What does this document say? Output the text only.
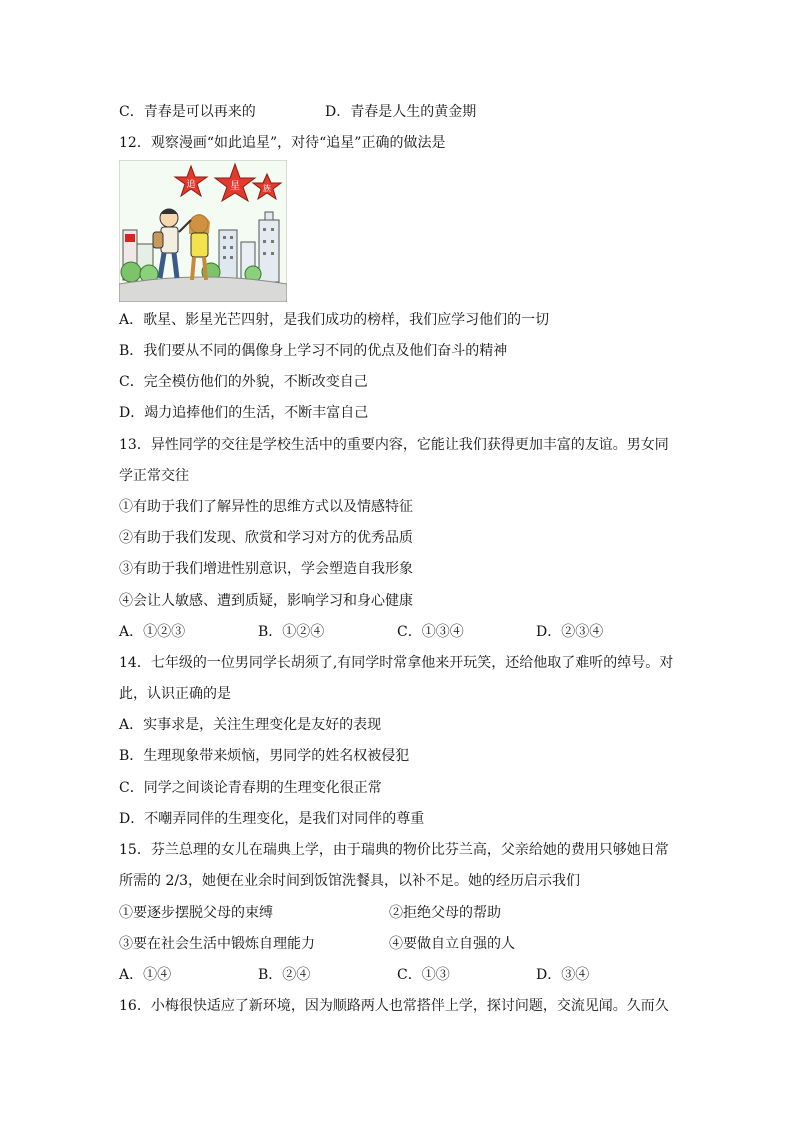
C．青春是可以再来的	D．青春是人生的黄金期
12．观察漫画“如此追星”，对待“追星”正确的做法是
追	星	族
A．歌星、影星光芒四射，是我们成功的榜样，我们应学习他们的一切
B．我们要从不同的偶像身上学习不同的优点及他们奋斗的精神
C．完全模仿他们的外貌，不断改变自己
D．竭力追捧他们的生活，不断丰富自己
13．异性同学的交往是学校生活中的重要内容，它能让我们获得更加丰富的友谊。男女同
学正常交往
①有助于我们了解异性的思维方式以及情感特征
②有助于我们发现、欣赏和学习对方的优秀品质
③有助于我们增进性别意识，学会塑造自我形象
④会让人敏感、遭到质疑，影响学习和身心健康
A．①②③	B．①②④	C．①③④	D．②③④
14．七年级的一位男同学长胡须了,有同学时常拿他来开玩笑，还给他取了难听的绰号。对
此，认识正确的是
A．实事求是，关注生理变化是友好的表现
B．生理现象带来烦恼，男同学的姓名权被侵犯
C．同学之间谈论青春期的生理变化很正常
D．不嘲弄同伴的生理变化，是我们对同伴的尊重
15．芬兰总理的女儿在瑞典上学，由于瑞典的物价比芬兰高，父亲给她的费用只够她日常
所需的 2/3，她便在业余时间到饭馆洗餐具，以补不足。她的经历启示我们
①要逐步摆脱父母的束缚	②拒绝父母的帮助
③要在社会生活中锻炼自理能力	④要做自立自强的人
A．①④	B．②④	C．①③	D．③④
16．小梅很快适应了新环境，因为顺路两人也常搭伴上学，探讨问题，交流见闻。久而久
